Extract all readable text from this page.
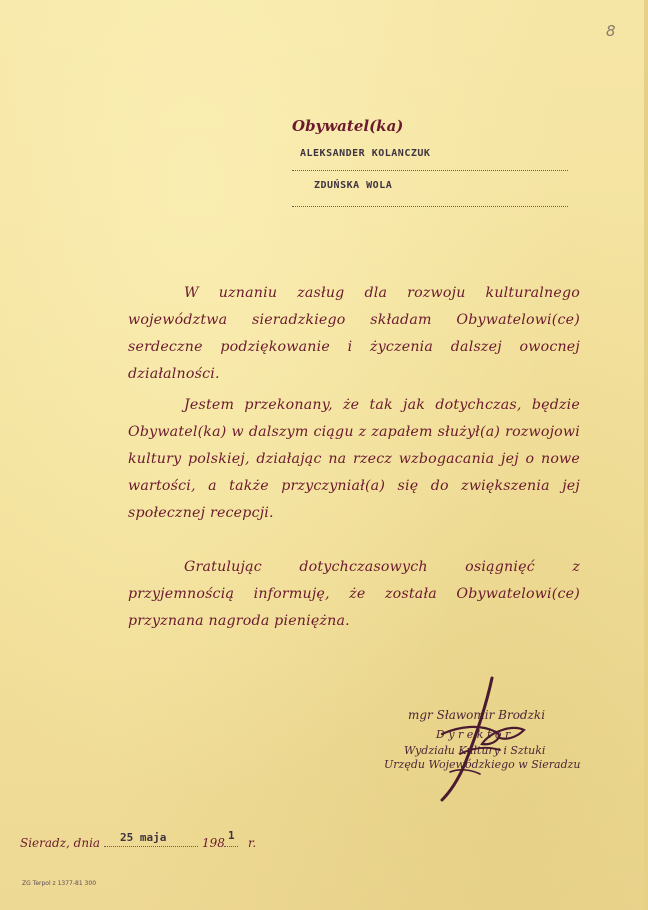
8
Obywatel(ka)
ALEKSANDER KOLANCZUK
ZDUŃSKA WOLA

W uznaniu zasług dla rozwoju kulturalnego województwa sieradzkiego składam Obywatelowi(ce) serdeczne podziękowanie i życzenia dalszej owocnej działalności.

Jestem przekonany, że tak jak dotychczas, będzie Obywatel(ka) w dalszym ciągu z zapałem służył(a) rozwojowi kultury polskiej, działając na rzecz wzbogacania jej o nowe wartości, a także przyczyniał(a) się do zwiększenia jej społecznej recepcji.

Gratulując dotychczasowych osiągnięć z przyjemnością informuję, że została Obywatelowi(ce) przyznana nagroda pieniężna.

mgr Sławomir Brodzki
D y r e k t o r
Wydziału Kultury i Sztuki
Urzędu Wojewódzkiego w Sieradzu
Sieradz, dnia 25 maja	198
1
r.
ZG Terpol z 1377-81 300
